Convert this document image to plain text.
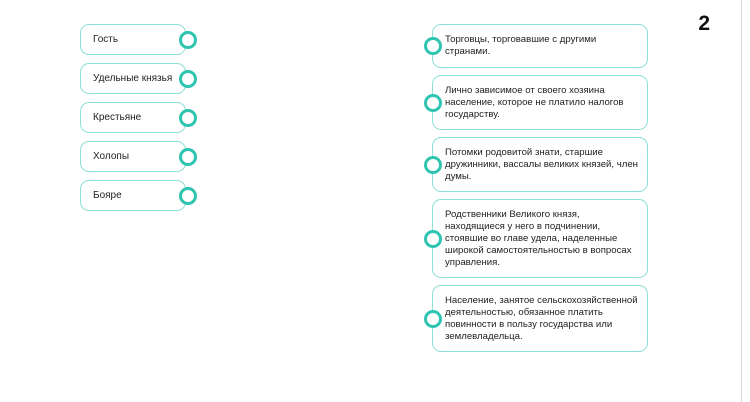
2
Гость
Удельные князья
Крестьяне
Холопы
Бояре
Торговцы, торговавшие с другими странами.
Лично зависимое от своего хозяина население, которое не платило налогов государству.
Потомки родовитой знати, старшие дружинники, вассалы великих князей, член думы.
Родственники Великого князя, находящиеся у него в подчинении, стоявшие во главе удела, наделенные широкой самостоятельностью в вопросах управления.
Население, занятое сельскохозяйственной деятельностью, обязанное платить повинности в пользу государства или землевладельца.
